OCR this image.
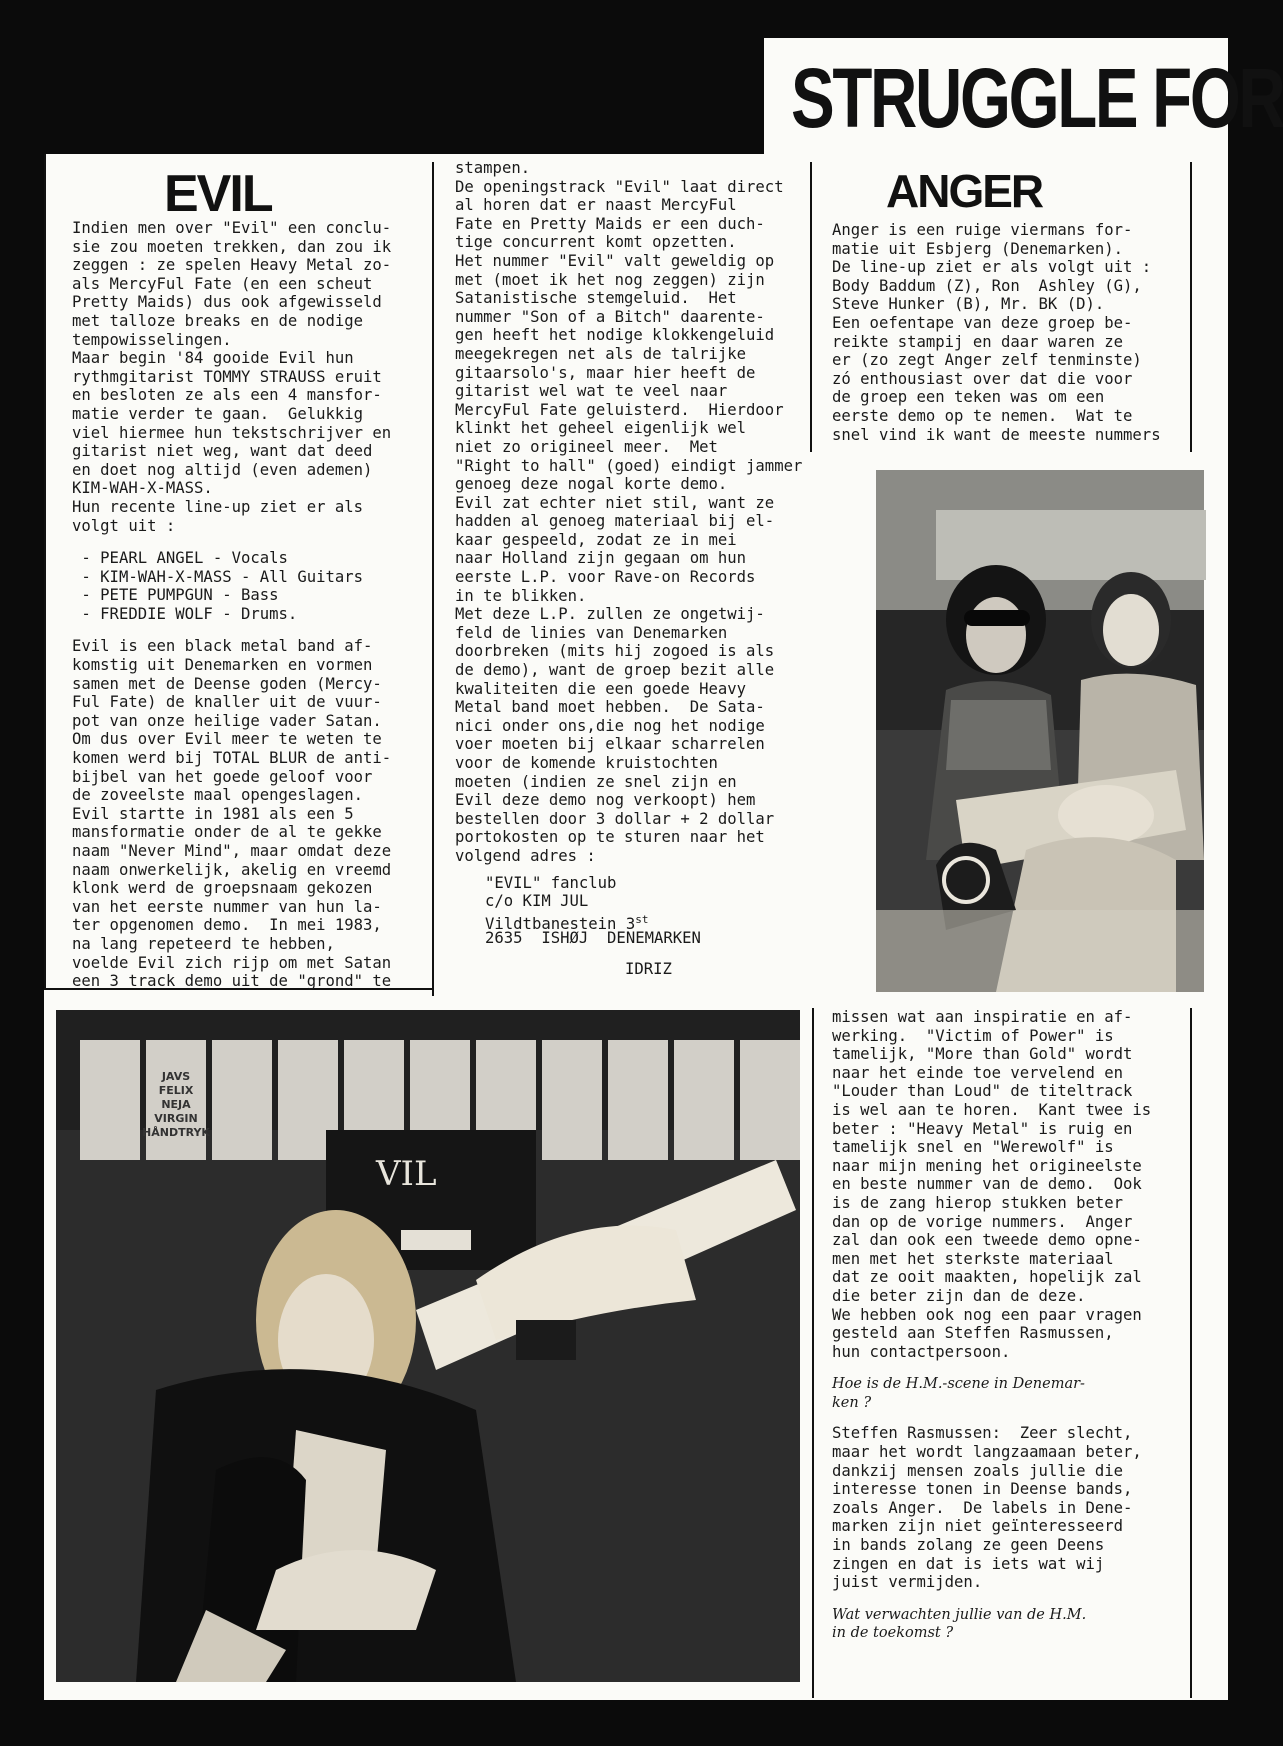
STRUGGLE FOR
EVIL
Indien men over "Evil" een conclu-
sie zou moeten trekken, dan zou ik
zeggen : ze spelen Heavy Metal zo-
als MercyFul Fate (en een scheut
Pretty Maids) dus ook afgewisseld
met talloze breaks en de nodige
tempowisselingen.
Maar begin '84 gooide Evil hun
rythmgitarist TOMMY STRAUSS eruit
en besloten ze als een 4 mansfor-
matie verder te gaan.  Gelukkig
viel hiermee hun tekstschrijver en
gitarist niet weg, want dat deed
en doet nog altijd (even ademen)
KIM-WAH-X-MASS.
Hun recente line-up ziet er als
volgt uit :
- PEARL ANGEL - Vocals
- KIM-WAH-X-MASS - All Guitars
- PETE PUMPGUN - Bass
- FREDDIE WOLF - Drums.
Evil is een black metal band af-
komstig uit Denemarken en vormen
samen met de Deense goden (Mercy-
Ful Fate) de knaller uit de vuur-
pot van onze heilige vader Satan.
Om dus over Evil meer te weten te
komen werd bij TOTAL BLUR de anti-
bijbel van het goede geloof voor
de zoveelste maal opengeslagen.
Evil startte in 1981 als een 5
mansformatie onder de al te gekke
naam "Never Mind", maar omdat deze
naam onwerkelijk, akelig en vreemd
klonk werd de groepsnaam gekozen
van het eerste nummer van hun la-
ter opgenomen demo.  In mei 1983,
na lang repeteerd te hebben,
voelde Evil zich rijp om met Satan
een 3 track demo uit de "grond" te
stampen.
De openingstrack "Evil" laat direct
al horen dat er naast MercyFul
Fate en Pretty Maids er een duch-
tige concurrent komt opzetten.
Het nummer "Evil" valt geweldig op
met (moet ik het nog zeggen) zijn
Satanistische stemgeluid.  Het
nummer "Son of a Bitch" daarente-
gen heeft het nodige klokkengeluid
meegekregen net als de talrijke
gitaarsolo's, maar hier heeft de
gitarist wel wat te veel naar
MercyFul Fate geluisterd.  Hierdoor
klinkt het geheel eigenlijk wel
niet zo origineel meer.  Met
"Right to hall" (goed) eindigt jammer
genoeg deze nogal korte demo.
Evil zat echter niet stil, want ze
hadden al genoeg materiaal bij el-
kaar gespeeld, zodat ze in mei
naar Holland zijn gegaan om hun
eerste L.P. voor Rave-on Records
in te blikken.
Met deze L.P. zullen ze ongetwij-
feld de linies van Denemarken
doorbreken (mits hij zogoed is als
de demo), want de groep bezit alle
kwaliteiten die een goede Heavy
Metal band moet hebben.  De Sata-
nici onder ons,die nog het nodige
voer moeten bij elkaar scharrelen
voor de komende kruistochten
moeten (indien ze snel zijn en
Evil deze demo nog verkoopt) hem
bestellen door 3 dollar + 2 dollar
portokosten op te sturen naar het
volgend adres :
"EVIL" fanclub
c/o KIM JUL
Vildtbanestein 3st
2635  ISHØJ  DENEMARKEN
IDRIZ
ANGER
Anger is een ruige viermans for-
matie uit Esbjerg (Denemarken).
De line-up ziet er als volgt uit :
Body Baddum (Z), Ron  Ashley (G),
Steve Hunker (B), Mr. BK (D).
Een oefentape van deze groep be-
reikte stampij en daar waren ze
er (zo zegt Anger zelf tenminste)
zó enthousiast over dat die voor
de groep een teken was om een
eerste demo op te nemen.  Wat te
snel vind ik want de meeste nummers
JAVS
FELIX
NEJA
VIRGIN
HÅNDTRYK
VIL
missen wat aan inspiratie en af-
werking.  "Victim of Power" is
tamelijk, "More than Gold" wordt
naar het einde toe vervelend en
"Louder than Loud" de titeltrack
is wel aan te horen.  Kant twee is
beter : "Heavy Metal" is ruig en
tamelijk snel en "Werewolf" is
naar mijn mening het origineelste
en beste nummer van de demo.  Ook
is de zang hierop stukken beter
dan op de vorige nummers.  Anger
zal dan ook een tweede demo opne-
men met het sterkste materiaal
dat ze ooit maakten, hopelijk zal
die beter zijn dan de deze.
We hebben ook nog een paar vragen
gesteld aan Steffen Rasmussen,
hun contactpersoon.
Hoe is de H.M.-scene in Denemar-
ken ?
Steffen Rasmussen:  Zeer slecht,
maar het wordt langzaamaan beter,
dankzij mensen zoals jullie die
interesse tonen in Deense bands,
zoals Anger.  De labels in Dene-
marken zijn niet geïnteresseerd
in bands zolang ze geen Deens
zingen en dat is iets wat wij
juist vermijden.
Wat verwachten jullie van de H.M.
in de toekomst ?
